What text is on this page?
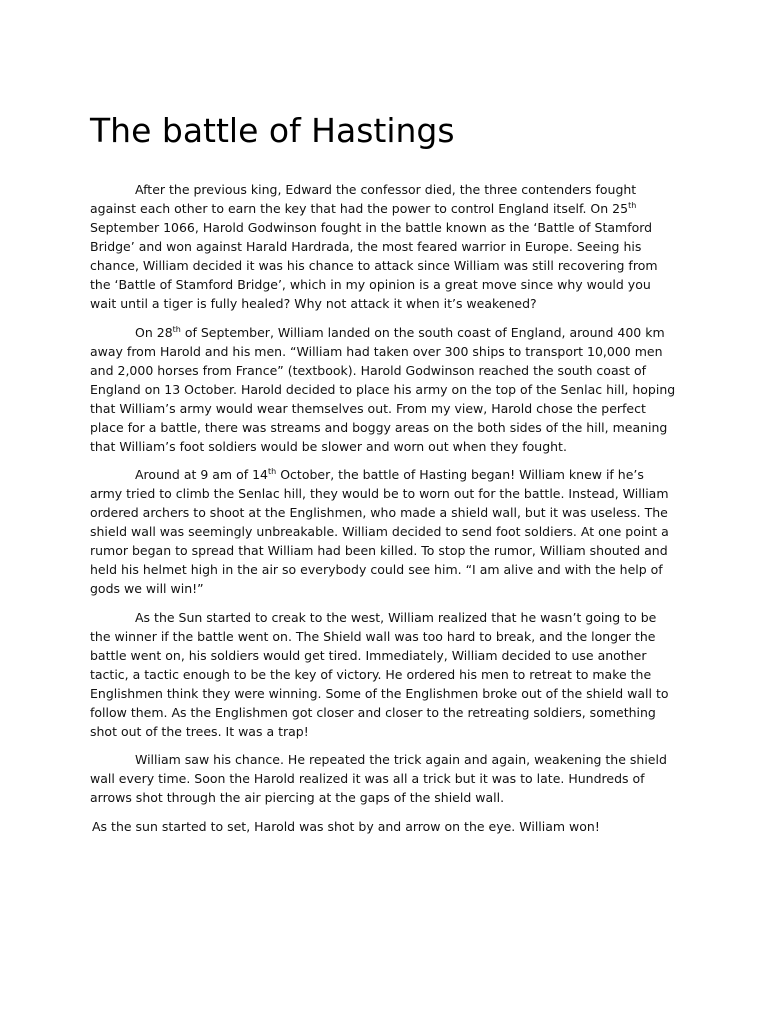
The battle of Hastings

After the previous king, Edward the confessor died, the three contenders fought against each other to earn the key that had the power to control England itself. On 25th September 1066, Harold Godwinson fought in the battle known as the ‘Battle of Stamford Bridge’ and won against Harald Hardrada, the most feared warrior in Europe. Seeing his chance, William decided it was his chance to attack since William was still recovering from the ‘Battle of Stamford Bridge’, which in my opinion is a great move since why would you wait until a tiger is fully healed? Why not attack it when it’s weakened?

On 28th of September, William landed on the south coast of England, around 400 km away from Harold and his men. “William had taken over 300 ships to transport 10,000 men and 2,000 horses from France” (textbook). Harold Godwinson reached the south coast of England on 13 October. Harold decided to place his army on the top of the Senlac hill, hoping that William’s army would wear themselves out. From my view, Harold chose the perfect place for a battle, there was streams and boggy areas on the both sides of the hill, meaning that William’s foot soldiers would be slower and worn out when they fought.

Around at 9 am of 14th October, the battle of Hasting began! William knew if he’s army tried to climb the Senlac hill, they would be to worn out for the battle. Instead, William ordered archers to shoot at the Englishmen, who made a shield wall, but it was useless. The shield wall was seemingly unbreakable. William decided to send foot soldiers. At one point a rumor began to spread that William had been killed. To stop the rumor, William shouted and held his helmet high in the air so everybody could see him. “I am alive and with the help of gods we will win!”

As the Sun started to creak to the west, William realized that he wasn’t going to be the winner if the battle went on. The Shield wall was too hard to break, and the longer the battle went on, his soldiers would get tired. Immediately, William decided to use another tactic, a tactic enough to be the key of victory. He ordered his men to retreat to make the Englishmen think they were winning. Some of the Englishmen broke out of the shield wall to follow them. As the Englishmen got closer and closer to the retreating soldiers, something shot out of the trees. It was a trap!

William saw his chance. He repeated the trick again and again, weakening the shield wall every time. Soon the Harold realized it was all a trick but it was to late. Hundreds of arrows shot through the air piercing at the gaps of the shield wall.

As the sun started to set, Harold was shot by and arrow on the eye. William won!
